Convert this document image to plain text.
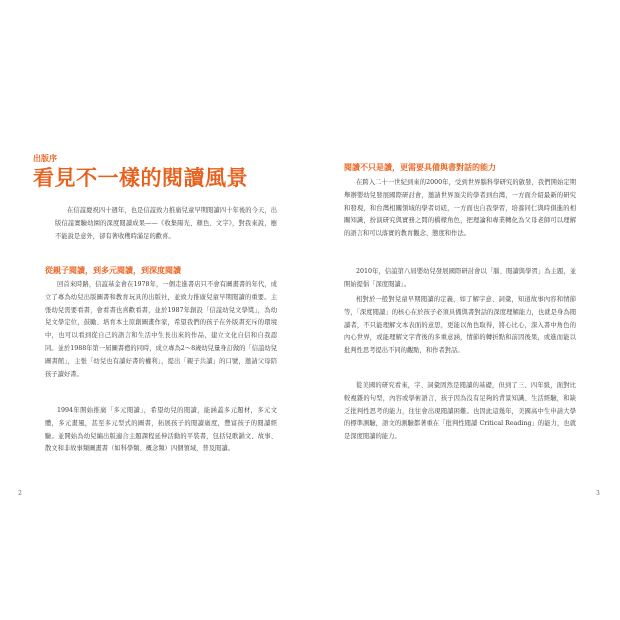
出版序
看見不一樣的閱讀風景

在信誼慶祝四十週年，也是信誼致力推廣兒童早期閱讀四十年後的今天，出版信誼實驗幼園的深度閱讀成果——《收集陽光、顏色、文字》，對我來說，應不能說是意外，卻有著收穫時滿足的歡喜。

從親子閱讀，到多元閱讀，到深度閱讀

回首來時路，信誼基金會在1978年，一個走進書店只不會有圖畫書的年代，成立了專為幼兒出版圖書和教育玩具的出版社，並致力推廣兒童早期閱讀的重要。主張幼兒需要看書，會看書也喜歡看書，並於1987年創設「信誼幼兒文學獎」，為幼兒文學定位，鼓勵、培育本土原創圖畫作家，希望我們的孩子在外版書充斥的環境中，也可以看到從自己的語言和生活中生長出來的作品，建立文化自信和自我認同。並於1988年第一屆圖書禮的同時，成立專為2〜8歲幼兒量身訂做的「信誼幼兒圖書館」，主張「幼兒也有讀好書的權利」，提出「親子共讀」的口號，邀請父母陪孩子讀好書。

1994年開始推廣「多元閱讀」，希望幼兒的閱讀，能涵蓋多元題材，多元文體，多元畫風，甚至多元型式的圖書，拓展孩子的閱讀廣度，豐富孩子的閱讀經驗。並開始為幼兒編出版適合主題課程延伸活動的平裝書，包括兒歌韻文、故事、散文和非故事類圖畫書（如科學類、概念類）四個領域，普及閱讀。

2
閱讀不只是讀，更需要具備與書對話的能力

在跨入二十一世紀到來的2000年，受到世界腦科學研究的啟發，我們開始定期舉辦嬰幼兒發展國際研討會，邀請世界頂尖的學者到台灣，一方面介紹最新的研究和發現，和台灣相關領域的學者切磋，一方面也自我學習，培養同仁與時俱進的相關知識，扮演研究與實務之間的橋樑角色，把理論和專業轉化為父母老師可以理解的語言和可以落實的教育觀念、態度和作法。

2010年，信誼第八屆嬰幼兒發展國際研討會以「腦、閱讀與學習」為主題，並開始提倡「深度閱讀」。

相對於一般對兒童早期閱讀的定義，如了解字意、詞彙，知道故事內容和情節等，「深度閱讀」的核心在於孩子必須具備與書對話的深度理解能力，也就是身為閱讀者，不只能理解文本表面的意思，更能以角色取得，將心比心，深入書中角色的內心世界，或能理解文字背後的多重意涵，情節的轉折點和前因後果，或進而能以批判性思考提出不同的觀點，和作者對話。

從美國的研究看來，字、詞彙固然是閱讀的基礎，但到了三、四年級，面對比較複雜的句型，內容或學術語言，孩子因為沒有足夠的背景知識、生活經驗，和缺乏批判性思考的能力，往往會出現閱讀困難。也因此這幾年，美國高中生申請大學的標準測驗，語文的測驗都著重在「批判性閱讀 Critical Reading」的能力，也就是深度閱讀的能力。

3
